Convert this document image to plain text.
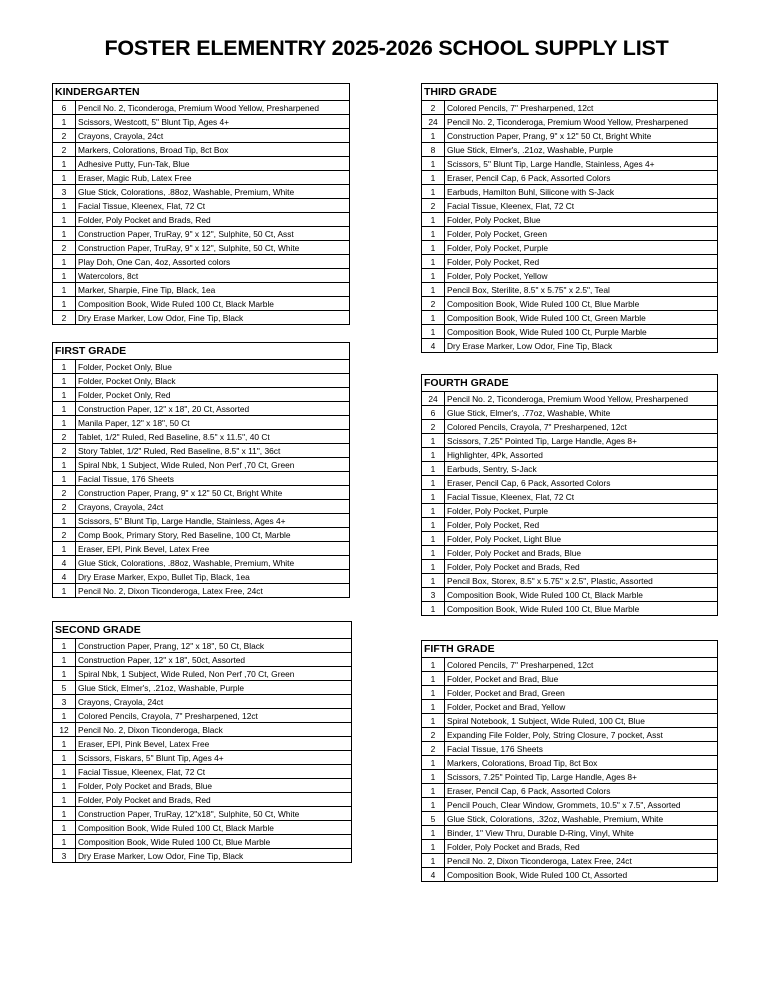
FOSTER ELEMENTRY 2025-2026 SCHOOL SUPPLY LIST
KINDERGARTEN
6	Pencil No. 2, Ticonderoga, Premium Wood Yellow, Presharpened
1	Scissors, Westcott, 5" Blunt Tip, Ages 4+
2	Crayons, Crayola, 24ct
2	Markers, Colorations, Broad Tip, 8ct Box
1	Adhesive Putty, Fun-Tak, Blue
1	Eraser, Magic Rub, Latex Free
3	Glue Stick, Colorations, .88oz, Washable, Premium, White
1	Facial Tissue, Kleenex, Flat, 72 Ct
1	Folder, Poly Pocket and Brads, Red
1	Construction Paper, TruRay, 9" x 12", Sulphite, 50 Ct, Asst
2	Construction Paper, TruRay, 9" x 12", Sulphite, 50 Ct, White
1	Play Doh, One Can, 4oz, Assorted colors
1	Watercolors, 8ct
1	Marker, Sharpie, Fine Tip, Black, 1ea
1	Composition Book, Wide Ruled 100 Ct, Black Marble
2	Dry Erase Marker, Low Odor, Fine Tip, Black
FIRST GRADE
1	Folder, Pocket Only, Blue
1	Folder, Pocket Only, Black
1	Folder, Pocket Only, Red
1	Construction Paper, 12" x 18", 20 Ct, Assorted
1	Manila Paper, 12" x 18", 50 Ct
2	Tablet, 1/2" Ruled, Red Baseline, 8.5" x 11.5", 40 Ct
2	Story Tablet, 1/2" Ruled, Red Baseline, 8.5" x 11", 36ct
1	Spiral Nbk, 1 Subject, Wide Ruled, Non Perf ,70 Ct, Green
1	Facial Tissue, 176 Sheets
2	Construction Paper, Prang, 9" x 12" 50 Ct, Bright White
2	Crayons, Crayola, 24ct
1	Scissors, 5" Blunt Tip, Large Handle, Stainless, Ages 4+
2	Comp Book, Primary Story, Red Baseline, 100 Ct, Marble
1	Eraser, EPI, Pink Bevel, Latex Free
4	Glue Stick, Colorations, .88oz, Washable, Premium, White
4	Dry Erase Marker, Expo, Bullet Tip, Black, 1ea
1	Pencil No. 2, Dixon Ticonderoga, Latex Free, 24ct
SECOND GRADE
1	Construction Paper, Prang, 12" x 18", 50 Ct, Black
1	Construction Paper, 12" x 18", 50ct, Assorted
1	Spiral Nbk, 1 Subject, Wide Ruled, Non Perf ,70 Ct, Green
5	Glue Stick, Elmer's, .21oz, Washable, Purple
3	Crayons, Crayola, 24ct
1	Colored Pencils, Crayola, 7" Presharpened, 12ct
12	Pencil No. 2, Dixon Ticonderoga, Black
1	Eraser, EPI, Pink Bevel, Latex Free
1	Scissors, Fiskars, 5" Blunt Tip, Ages 4+
1	Facial Tissue, Kleenex, Flat, 72 Ct
1	Folder, Poly Pocket and Brads, Blue
1	Folder, Poly Pocket and Brads, Red
1	Construction Paper, TruRay, 12"x18", Sulphite, 50 Ct, White
1	Composition Book, Wide Ruled 100 Ct, Black Marble
1	Composition Book, Wide Ruled 100 Ct, Blue Marble
3	Dry Erase Marker, Low Odor, Fine Tip, Black
THIRD GRADE
2	Colored Pencils, 7" Presharpened, 12ct
24	Pencil No. 2, Ticonderoga, Premium Wood Yellow, Presharpened
1	Construction Paper, Prang, 9" x 12" 50 Ct, Bright White
8	Glue Stick, Elmer's, .21oz, Washable, Purple
1	Scissors, 5" Blunt Tip, Large Handle, Stainless, Ages 4+
1	Eraser, Pencil Cap, 6 Pack, Assorted Colors
1	Earbuds, Hamilton Buhl, Silicone with S-Jack
2	Facial Tissue, Kleenex, Flat, 72 Ct
1	Folder, Poly Pocket, Blue
1	Folder, Poly Pocket, Green
1	Folder, Poly Pocket, Purple
1	Folder, Poly Pocket, Red
1	Folder, Poly Pocket, Yellow
1	Pencil Box, Sterilite, 8.5" x 5.75" x 2.5", Teal
2	Composition Book, Wide Ruled 100 Ct, Blue Marble
1	Composition Book, Wide Ruled 100 Ct, Green Marble
1	Composition Book, Wide Ruled 100 Ct, Purple Marble
4	Dry Erase Marker, Low Odor, Fine Tip, Black
FOURTH GRADE
24	Pencil No. 2, Ticonderoga, Premium Wood Yellow, Presharpened
6	Glue Stick, Elmer's, .77oz, Washable, White
2	Colored Pencils, Crayola, 7" Presharpened, 12ct
1	Scissors, 7.25" Pointed Tip, Large Handle, Ages 8+
1	Highlighter, 4Pk, Assorted
1	Earbuds, Sentry, S-Jack
1	Eraser, Pencil Cap, 6 Pack, Assorted Colors
1	Facial Tissue, Kleenex, Flat, 72 Ct
1	Folder, Poly Pocket, Purple
1	Folder, Poly Pocket, Red
1	Folder, Poly Pocket, Light Blue
1	Folder, Poly Pocket and Brads, Blue
1	Folder, Poly Pocket and Brads, Red
1	Pencil Box, Storex, 8.5" x 5.75" x 2.5", Plastic, Assorted
3	Composition Book, Wide Ruled 100 Ct, Black Marble
1	Composition Book, Wide Ruled 100 Ct, Blue Marble
FIFTH GRADE
1	Colored Pencils, 7" Presharpened, 12ct
1	Folder, Pocket and Brad, Blue
1	Folder, Pocket and Brad, Green
1	Folder, Pocket and Brad, Yellow
1	Spiral Notebook, 1 Subject, Wide Ruled, 100 Ct, Blue
2	Expanding File Folder, Poly, String Closure, 7 pocket, Asst
2	Facial Tissue, 176 Sheets
1	Markers, Colorations, Broad Tip, 8ct Box
1	Scissors, 7.25" Pointed Tip, Large Handle, Ages 8+
1	Eraser, Pencil Cap, 6 Pack, Assorted Colors
1	Pencil Pouch, Clear Window, Grommets, 10.5" x 7.5", Assorted
5	Glue Stick, Colorations, .32oz, Washable, Premium, White
1	Binder, 1" View Thru, Durable D-Ring, Vinyl, White
1	Folder, Poly Pocket and Brads, Red
1	Pencil No. 2, Dixon Ticonderoga, Latex Free, 24ct
4	Composition Book, Wide Ruled 100 Ct, Assorted
